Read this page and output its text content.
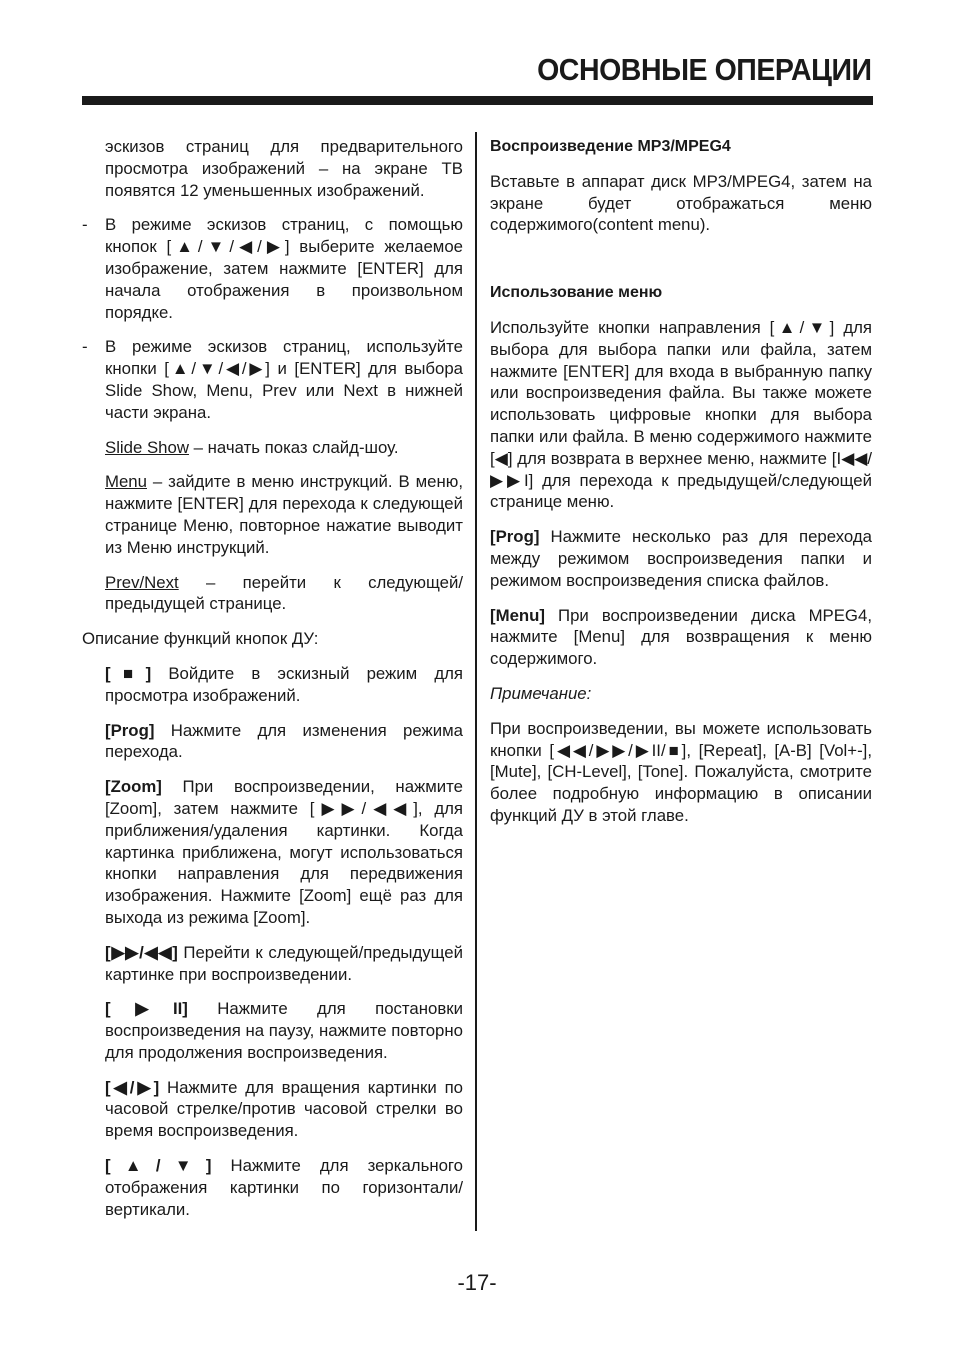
ОСНОВНЫЕ ОПЕРАЦИИ

эскизов страниц для предварительного просмотра изображений – на экране ТВ появятся 12 уменьшенных изображений.

- В режиме эскизов страниц, с помощью кнопок [▲/▼/◀/▶] выберите желаемое изображение, затем нажмите [ENTER] для начала отображения в произвольном порядке.

- В режиме эскизов страниц, используйте кнопки [▲/▼/◀/▶] и [ENTER] для выбора Slide Show, Menu, Prev или Next в нижней части экрана.

Slide Show – начать показ слайд-шоу.

Menu – зайдите в меню инструкций. В меню, нажмите [ENTER] для перехода к следующей странице Меню, повторное нажатие выводит из Меню инструкций.

Prev/Next – перейти к следующей/предыдущей странице.

Описание функций кнопок ДУ:

[■] Войдите в эскизный режим для просмотра изображений.

[Prog] Нажмите для изменения режима перехода.

[Zoom] При воспроизведении, нажмите [Zoom], затем нажмите [▶▶/◀◀], для приближения/удаления картинки. Когда картинка приближена, могут использоваться кнопки направления для передвижения изображения. Нажмите [Zoom] ещё раз для выхода из режима [Zoom].

[▶▶/◀◀] Перейти к следующей/предыдущей картинке при воспроизведении.

[▶II] Нажмите для постановки воспроизведения на паузу, нажмите повторно для продолжения воспроизведения.

[◀/▶] Нажмите для вращения картинки по часовой стрелке/против часовой стрелки во время воспроизведения.

[▲/▼] Нажмите для зеркального отображения картинки по горизонтали/вертикали.

Воспроизведение MP3/MPEG4

Вставьте в аппарат диск MP3/MPEG4, затем на экране будет отображаться меню содержимого(content menu).

Использование меню

Используйте кнопки направления [▲/▼] для выбора для выбора папки или файла, затем нажмите [ENTER] для входа в выбранную папку или воспроизведения файла. Вы также можете использовать цифровые кнопки для выбора папки или файла. В меню содержимого нажмите [◀] для возврата в верхнее меню, нажмите [I◀◀/▶▶I] для перехода к предыдущей/следующей странице меню.

[Prog] Нажмите несколько раз для перехода между режимом воспроизведения папки и режимом воспроизведения списка файлов.

[Menu] При воспроизведении диска MPEG4, нажмите [Menu] для возвращения к меню содержимого.

Примечание:

При воспроизведении, вы можете использовать кнопки [◀◀/▶▶/▶II/■], [Repeat], [A-B] [Vol+-], [Mute], [CH-Level], [Tone]. Пожалуйста, смотрите более подробную информацию в описании функций ДУ в этой главе.

-17-
